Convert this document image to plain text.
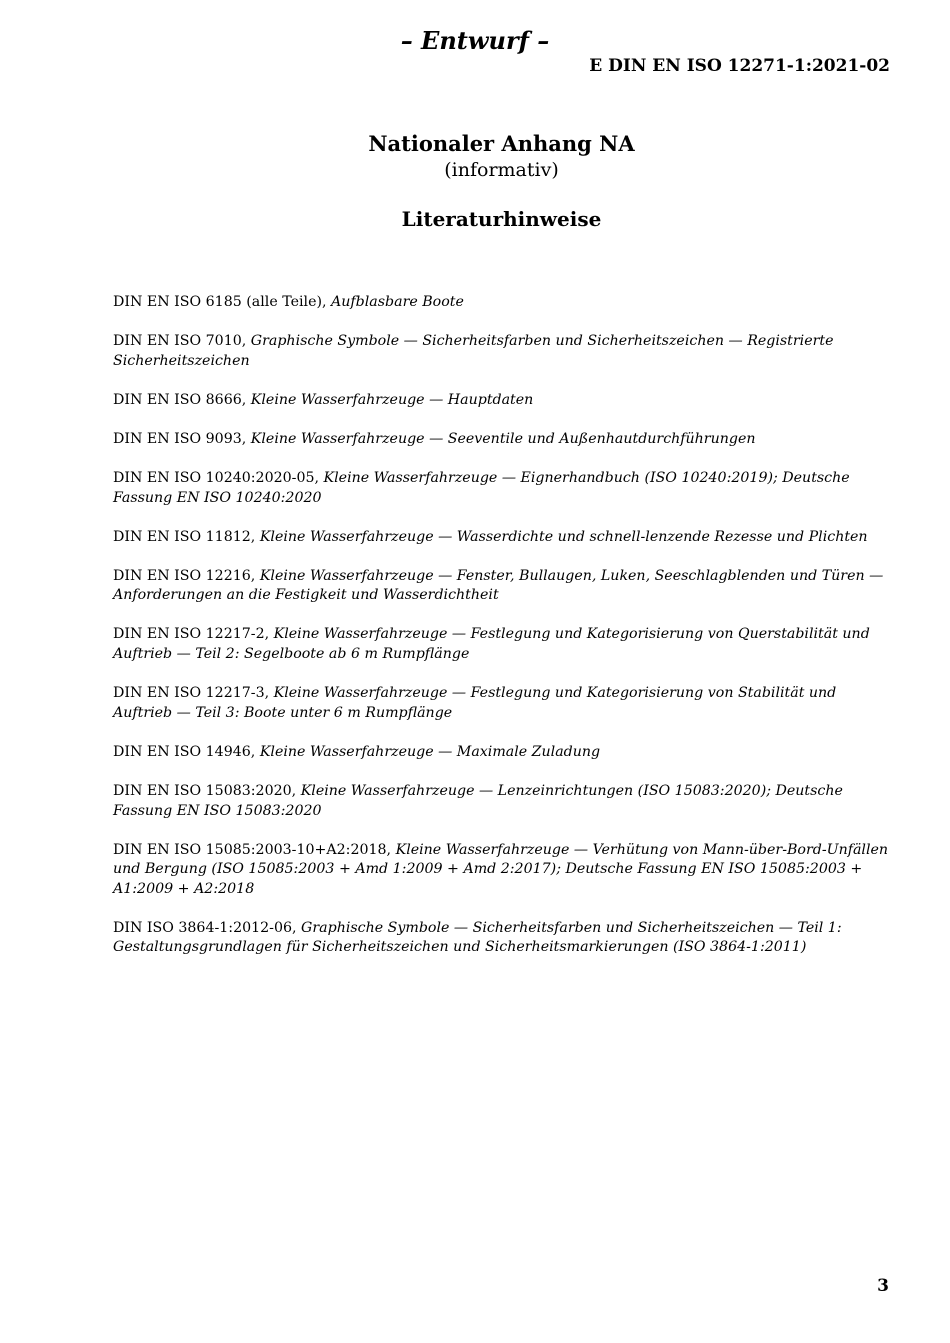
– Entwurf –
E DIN EN ISO 12271-1:2021-02
Nationaler Anhang NA
(informativ)
Literaturhinweise

DIN EN ISO 6185 (alle Teile), Aufblasbare Boote

DIN EN ISO 7010, Graphische Symbole — Sicherheitsfarben und Sicherheitszeichen — Registrierte Sicherheitszeichen

DIN EN ISO 8666, Kleine Wasserfahrzeuge — Hauptdaten

DIN EN ISO 9093, Kleine Wasserfahrzeuge — Seeventile und Außenhautdurchführungen

DIN EN ISO 10240:2020-05, Kleine Wasserfahrzeuge — Eignerhandbuch (ISO 10240:2019); Deutsche Fassung EN ISO 10240:2020

DIN EN ISO 11812, Kleine Wasserfahrzeuge — Wasserdichte und schnell-lenzende Rezesse und Plichten

DIN EN ISO 12216, Kleine Wasserfahrzeuge — Fenster, Bullaugen, Luken, Seeschlagblenden und Türen — Anforderungen an die Festigkeit und Wasserdichtheit

DIN EN ISO 12217-2, Kleine Wasserfahrzeuge — Festlegung und Kategorisierung von Querstabilität und Auftrieb — Teil 2: Segelboote ab 6 m Rumpflänge

DIN EN ISO 12217-3, Kleine Wasserfahrzeuge — Festlegung und Kategorisierung von Stabilität und Auftrieb — Teil 3: Boote unter 6 m Rumpflänge

DIN EN ISO 14946, Kleine Wasserfahrzeuge — Maximale Zuladung

DIN EN ISO 15083:2020, Kleine Wasserfahrzeuge — Lenzeinrichtungen (ISO 15083:2020); Deutsche Fassung EN ISO 15083:2020

DIN EN ISO 15085:2003-10+A2:2018, Kleine Wasserfahrzeuge — Verhütung von Mann-über-Bord-Unfällen und Bergung (ISO 15085:2003 + Amd 1:2009 + Amd 2:2017); Deutsche Fassung EN ISO 15085:2003 + A1:2009 + A2:2018

DIN ISO 3864-1:2012-06, Graphische Symbole — Sicherheitsfarben und Sicherheitszeichen — Teil 1: Gestaltungsgrundlagen für Sicherheitszeichen und Sicherheitsmarkierungen (ISO 3864-1:2011)

3
